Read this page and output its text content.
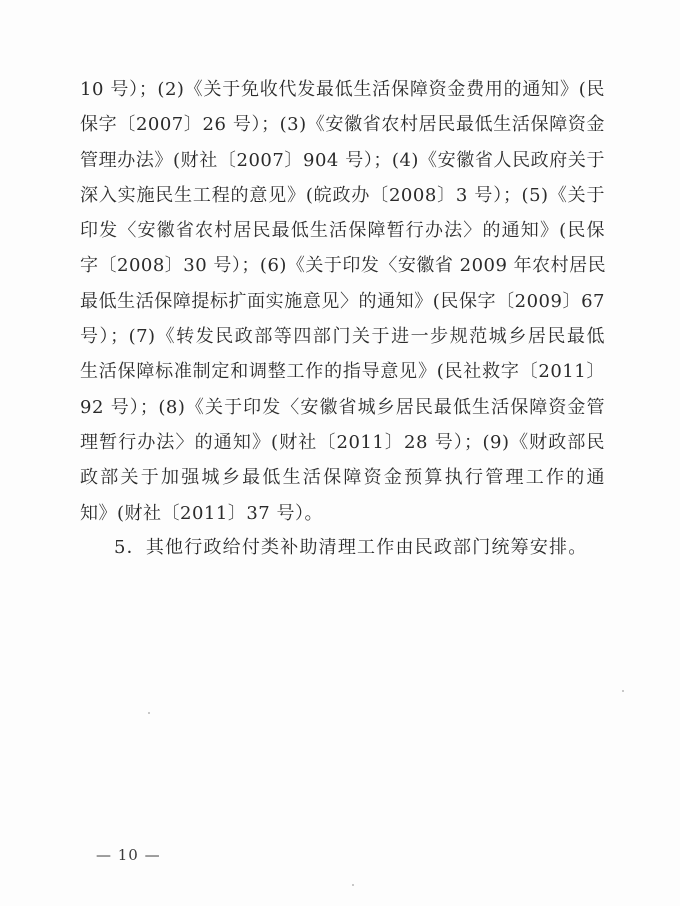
10 号）；(2)《关于免收代发最低生活保障资金费用的通知》(民
保字〔2007〕26 号）；(3)《安徽省农村居民最低生活保障资金
管理办法》(财社〔2007〕904 号）；(4)《安徽省人民政府关于
深入实施民生工程的意见》(皖政办〔2008〕3 号）；(5)《关于
印发〈安徽省农村居民最低生活保障暂行办法〉的通知》(民保
字〔2008〕30 号）；(6)《关于印发〈安徽省 2009 年农村居民
最低生活保障提标扩面实施意见〉的通知》(民保字〔2009〕67
号）；(7)《转发民政部等四部门关于进一步规范城乡居民最低
生活保障标准制定和调整工作的指导意见》(民社救字〔2011〕
92 号）；(8)《关于印发〈安徽省城乡居民最低生活保障资金管
理暂行办法〉的通知》(财社〔2011〕28 号）；(9)《财政部民
政部关于加强城乡最低生活保障资金预算执行管理工作的通
知》(财社〔2011〕37 号）。

5．其他行政给付类补助清理工作由民政部门统筹安排。

— 10 —
